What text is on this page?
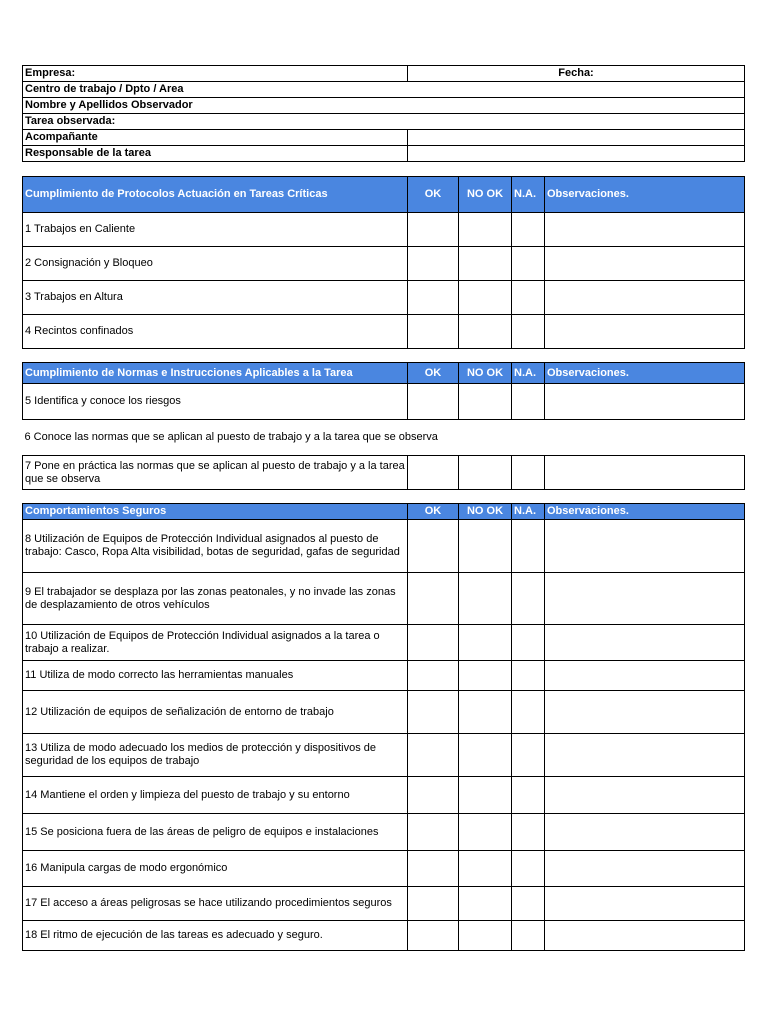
Empresa:	Fecha:
Centro de trabajo / Dpto / Area	
Nombre y Apellidos Observador	
Tarea observada:	
Acompañante	
Responsable de la tarea	
Cumplimiento de Protocolos Actuación en Tareas Críticas	OK	NO OK	N.A.	Observaciones.
1 Trabajos en Caliente				
2 Consignación y Bloqueo				
3 Trabajos en Altura				
4 Recintos confinados				
Cumplimiento de Normas e Instrucciones Aplicables a la Tarea	OK	NO OK	N.A.	Observaciones.
5 Identifica y conoce los riesgos				
6 Conoce las normas que se aplican al puesto de trabajo y a la tarea que se observa				
7 Pone en práctica las normas que se aplican al puesto de trabajo y a la tarea que se observa				
Comportamientos Seguros	OK	NO OK	N.A.	Observaciones.
8 Utilización de Equipos de Protección Individual asignados al puesto de trabajo: Casco, Ropa Alta visibilidad, botas de seguridad, gafas de seguridad				
9 El trabajador se desplaza por las zonas peatonales, y no invade las zonas de desplazamiento de otros vehículos				
10 Utilización de Equipos de Protección Individual asignados a la tarea o trabajo a realizar.				
11 Utiliza de modo correcto las herramientas manuales				
12 Utilización de equipos de señalización de entorno de trabajo				
13 Utiliza de modo adecuado los medios de protección y dispositivos de seguridad de los equipos de trabajo				
14 Mantiene el orden y limpieza del puesto de trabajo y su entorno				
15 Se posiciona fuera de las áreas de peligro de equipos e instalaciones				
16 Manipula cargas de modo ergonómico				
17 El acceso a áreas peligrosas se hace utilizando procedimientos seguros				
18 El ritmo de ejecución de las tareas es adecuado y seguro.				
